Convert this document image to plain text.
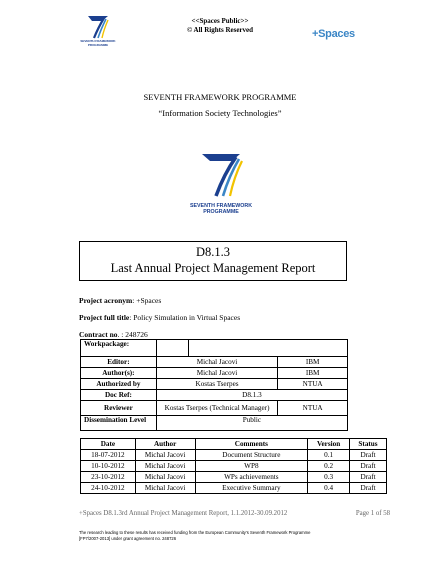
SEVENTH FRAMEWORK PROGRAMME
<<Spaces Public>>
© All Rights Reserved	+Spaces
SEVENTH FRAMEWORK PROGRAMME
“Information Society Technologies”
SEVENTH FRAMEWORK
PROGRAMME
D8.1.3
Last Annual Project Management Report
Project acronym: +Spaces
Project full title: Policy Simulation in Virtual Spaces
Contract no. : 248726
Workpackage:			
Editor:	Michal Jacovi		IBM
Author(s):	Michal Jacovi		IBM
Authorized by	Kostas Tserpes		NTUA
Doc Ref:	D8.1.3		
Reviewer	Kostas Tserpes (Technical Manager)		NTUA
Dissemination Level	Public		
Date	Author	Comments	Version	Status
18-07-2012	Michal Jacovi	Document Structure	0.1	Draft
10-10-2012	Michal Jacovi	WP8	0.2	Draft
23-10-2012	Michal Jacovi	WPs achievements	0.3	Draft
24-10-2012	Michal Jacovi	Executive Summary	0.4	Draft
+Spaces D8.1.3rd Annual Project Management Report, 1.1.2012-30.09.2012	Page 1 of 58
The research leading to these results has received funding from the European Community's Seventh Framework Programme
[FP7/2007-2013] under grant agreement no. 248726
